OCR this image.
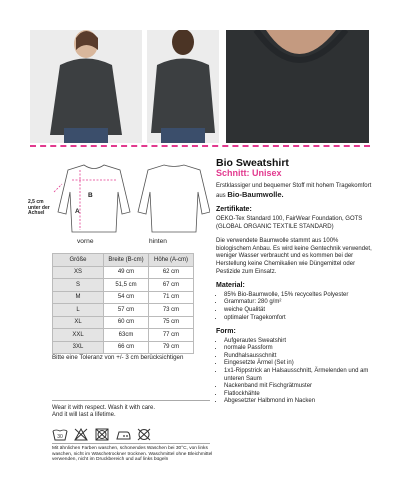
2,5 cm unter der Achsel
B
A
vorne	hinten
Größe	Breite (B-cm)	Höhe (A-cm)
XS	49 cm	62 cm
S	51,5 cm	67 cm
M	54 cm	71 cm
L	57 cm	73 cm
XL	60 cm	75 cm
XXL	63cm	77 cm
3XL	66 cm	79 cm
Bitte eine Toleranz von +/- 3 cm berücksichtigen
Wear it with respect. Wash it with care.
And it will last a lifetime.
30
Mit ähnlichen Farben waschen, schonendes Waschen bei 30°C, von links waschen, nicht im Wäschetrockner trocknen. Waschmittel ohne Bleichmittel verwenden, nicht im Druckbereich und auf links bügeln
Bio Sweatshirt
Schnitt: Unisex

Erstklassiger und bequemer Stoff mit hohem Tragekomfort aus Bio-Baumwolle.

Zertifikate:

OEKO-Tex Standard 100, FairWear Foundation, GOTS (GLOBAL ORGANIC TEXTILE STANDARD)

Die verwendete Baumwolle stammt aus 100% biologischem Anbau. Es wird keine Gentechnik verwendet, weniger Wasser verbraucht und es kommen bei der Herstellung keine Chemikalien wie Düngemittel oder Pestizide zum Einsatz.

Material:
• 85% Bio-Baumwolle, 15% recyceltes Polyester
• Grammatur: 280 g/m²
• weiche Qualität
• optimaler Tragekomfort
Form:
• Aufgerautes Sweatshirt
• normale Passform
• Rundhalsausschnitt
• Eingesetzte Ärmel (Set in)
• 1x1-Rippstrick an Halsausschnitt, Ärmelenden und am unteren Saum
• Nackenband mit Fischgrätmuster
• Flatlockhähte
• Abgesetzter Halbmond im Nacken
